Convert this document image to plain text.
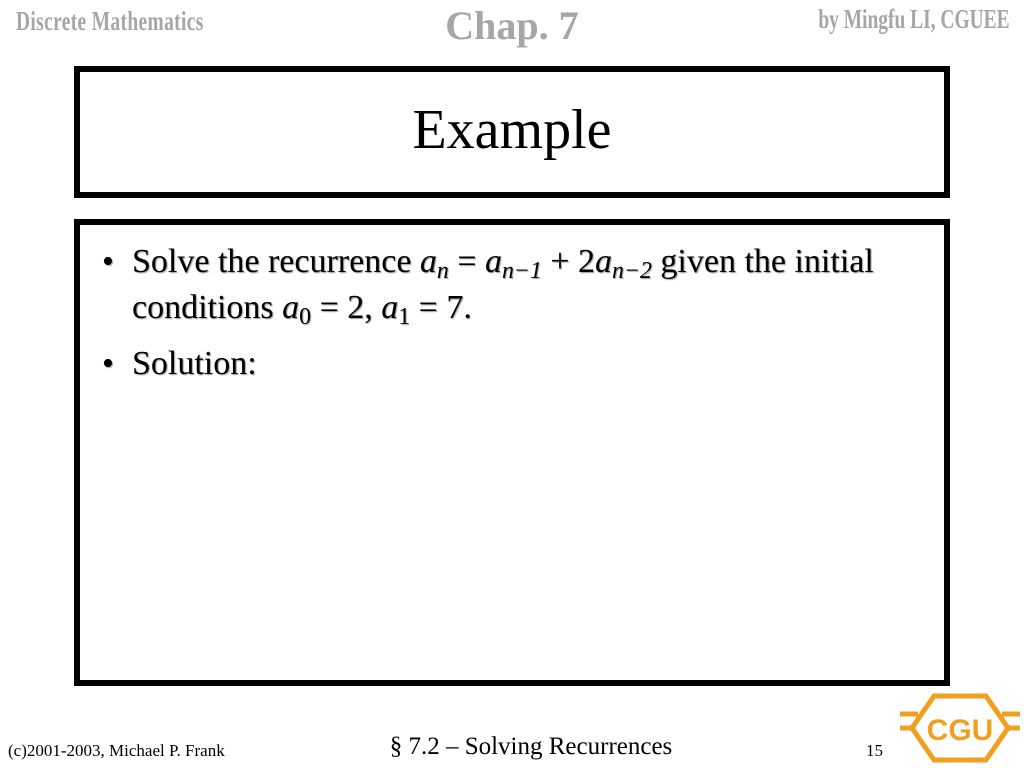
Discrete Mathematics	Chap. 7	by Mingfu LI, CGUEE
Example
• Solve the recurrence $a_n = a_{n-1} + 2a_{n-2}$ given the initial conditions $a_0 = 2$, $a_1 = 7$.
• Solution:
(c)2001-2003, Michael P. Frank	§ 7.2 – Solving Recurrences	15
CGU
